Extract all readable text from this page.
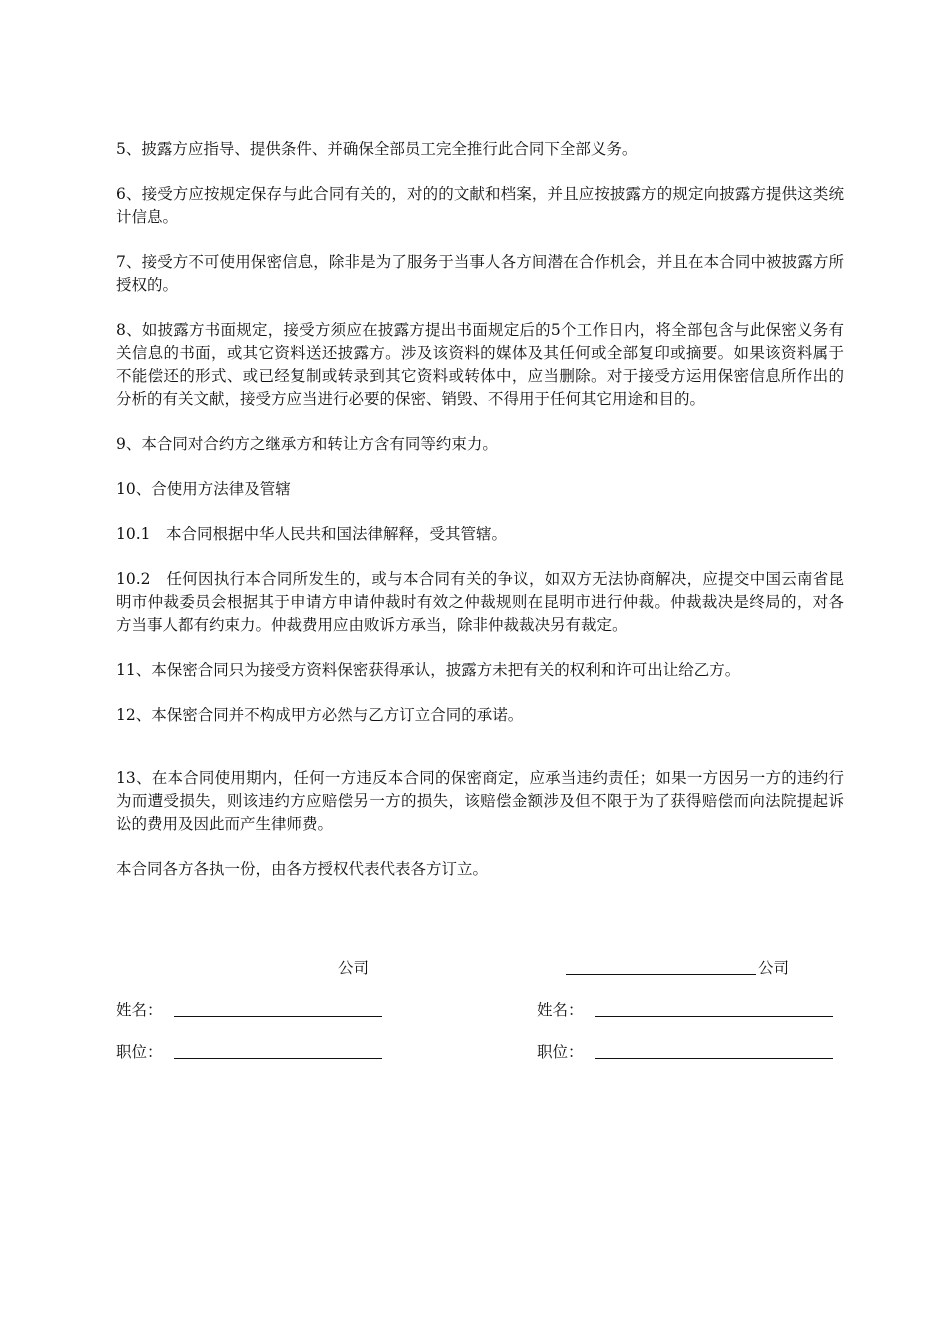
5、披露方应指导、提供条件、并确保全部员工完全推行此合同下全部义务。

6、接受方应按规定保存与此合同有关的，对的的文献和档案，并且应按披露方的规定向披露方提供这类统计信息。

7、接受方不可使用保密信息，除非是为了服务于当事人各方间潜在合作机会，并且在本合同中被披露方所授权的。

8、如披露方书面规定，接受方须应在披露方提出书面规定后的5个工作日内，将全部包含与此保密义务有关信息的书面，或其它资料送还披露方。涉及该资料的媒体及其任何或全部复印或摘要。如果该资料属于不能偿还的形式、或已经复制或转录到其它资料或转体中，应当删除。对于接受方运用保密信息所作出的分析的有关文献，接受方应当进行必要的保密、销毁、不得用于任何其它用途和目的。

9、本合同对合约方之继承方和转让方含有同等约束力。

10、合使用方法律及管辖

10.1　本合同根据中华人民共和国法律解释，受其管辖。

10.2　任何因执行本合同所发生的，或与本合同有关的争议，如双方无法协商解决，应提交中国云南省昆明市仲裁委员会根据其于申请方申请仲裁时有效之仲裁规则在昆明市进行仲裁。仲裁裁决是终局的，对各方当事人都有约束力。仲裁费用应由败诉方承当，除非仲裁裁决另有裁定。

11、本保密合同只为接受方资料保密获得承认，披露方未把有关的权利和许可出让给乙方。

12、本保密合同并不构成甲方必然与乙方订立合同的承诺。

13、在本合同使用期内，任何一方违反本合同的保密商定，应承当违约责任；如果一方因另一方的违约行为而遭受损失，则该违约方应赔偿另一方的损失，该赔偿金额涉及但不限于为了获得赔偿而向法院提起诉讼的费用及因此而产生律师费。

本合同各方各执一份，由各方授权代表代表各方订立。

公司	公司
姓名：	姓名：
职位：	职位：
